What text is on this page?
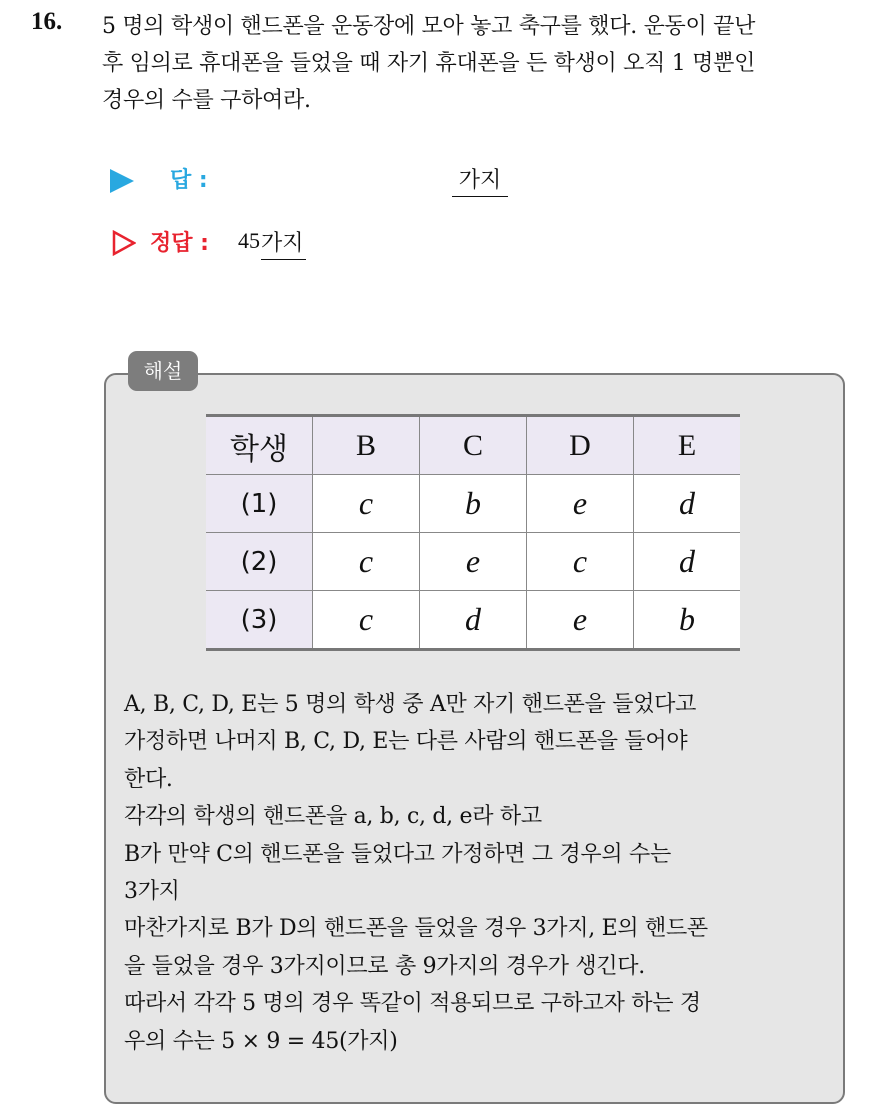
16. 5 명의 학생이 핸드폰을 운동장에 모아 놓고 축구를 했다. 운동이 끝난

후 임의로 휴대폰을 들었을 때 자기 휴대폰을 든 학생이 오직 1 명뿐인

경우의 수를 구하여라.

답 :	가지
정답 : 45 가지
해설
학생	B	C	D	E
(1)	c	b	e	d
(2)	c	e	c	d
(3)	c	d	e	b

A, B, C, D, E는 5 명의 학생 중 A만 자기 핸드폰을 들었다고

가정하면 나머지 B, C, D, E는 다른 사람의 핸드폰을 들어야

한다.

각각의 학생의 핸드폰을 a, b, c, d, e라 하고

B가 만약 C의 핸드폰을 들었다고 가정하면 그 경우의 수는

3가지

마찬가지로 B가 D의 핸드폰을 들었을 경우 3가지, E의 핸드폰

을 들었을 경우 3가지이므로 총 9가지의 경우가 생긴다.

따라서 각각 5 명의 경우 똑같이 적용되므로 구하고자 하는 경

우의 수는 5 × 9 = 45(가지)
